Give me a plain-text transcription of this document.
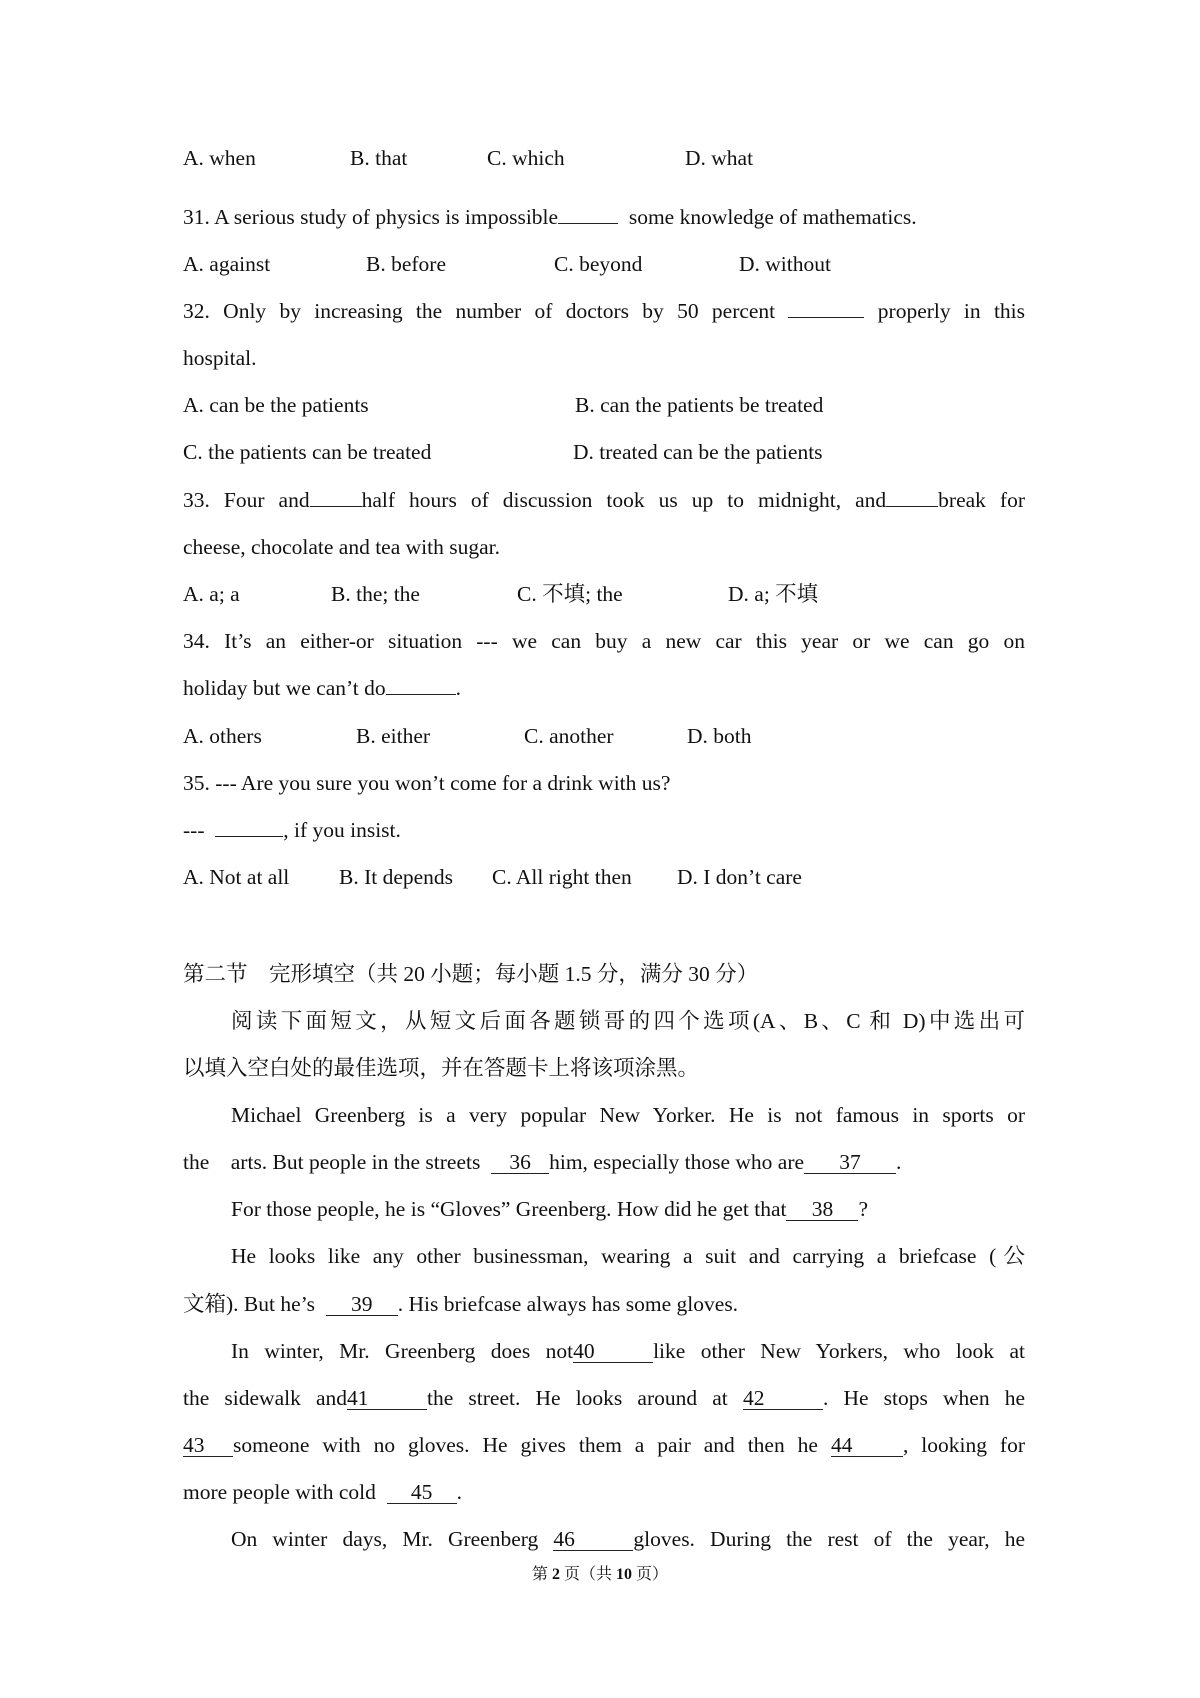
A. when	B. that	C. which	D. what
31. A serious study of physics is impossible	some knowledge of mathematics.
A. against	B. before	C. beyond	D. without
32. Only by increasing the number of doctors by 50 percent	properly in this
hospital.
A. can be the patients	B. can the patients be treated
C. the patients can be treated	D. treated can be the patients
33. Four and half hours of discussion took us up to midnight, and break for
cheese, chocolate and tea with sugar.
A. a; a	B. the; the	C. 不填; the	D. a; 不填
34. It’s an either-or situation --- we can buy a new car this year or we can go on
holiday but we can’t do	.
A. others	B. either	C. another	D. both
35. --- Are you sure you won’t come for a drink with us?
---	, if you insist.
A. Not at all B. It depends C. All right then D. I don’t care
第二节　完形填空（共 20 小题；每小题 1.5 分，满分 30 分）
阅读下面短文，从短文后面各题锁哥的四个选项(A、B、C 和 D)中选出可
以填入空白处的最佳选项，并在答题卡上将该项涂黑。
Michael Greenberg is a very popular New Yorker. He is not famous in sports or
the    arts. But people in the streets 36 him, especially those who are 37 .
For those people, he is “Gloves” Greenberg. How did he get that 38 ?
He looks like any other businessman, wearing a suit and carrying a briefcase (公
文箱). But he’s 39 . His briefcase always has some gloves.
In winter, Mr. Greenberg does not40	like other New Yorkers, who look at
the sidewalk and41	the street. He looks around at 42	. He stops when he
43 someone with no gloves. He gives them a pair and then he 44 , looking for
more people with cold 45 .
On winter days, Mr. Greenberg 46	gloves. During the rest of the year, he
第 2 页（共 10 页）
